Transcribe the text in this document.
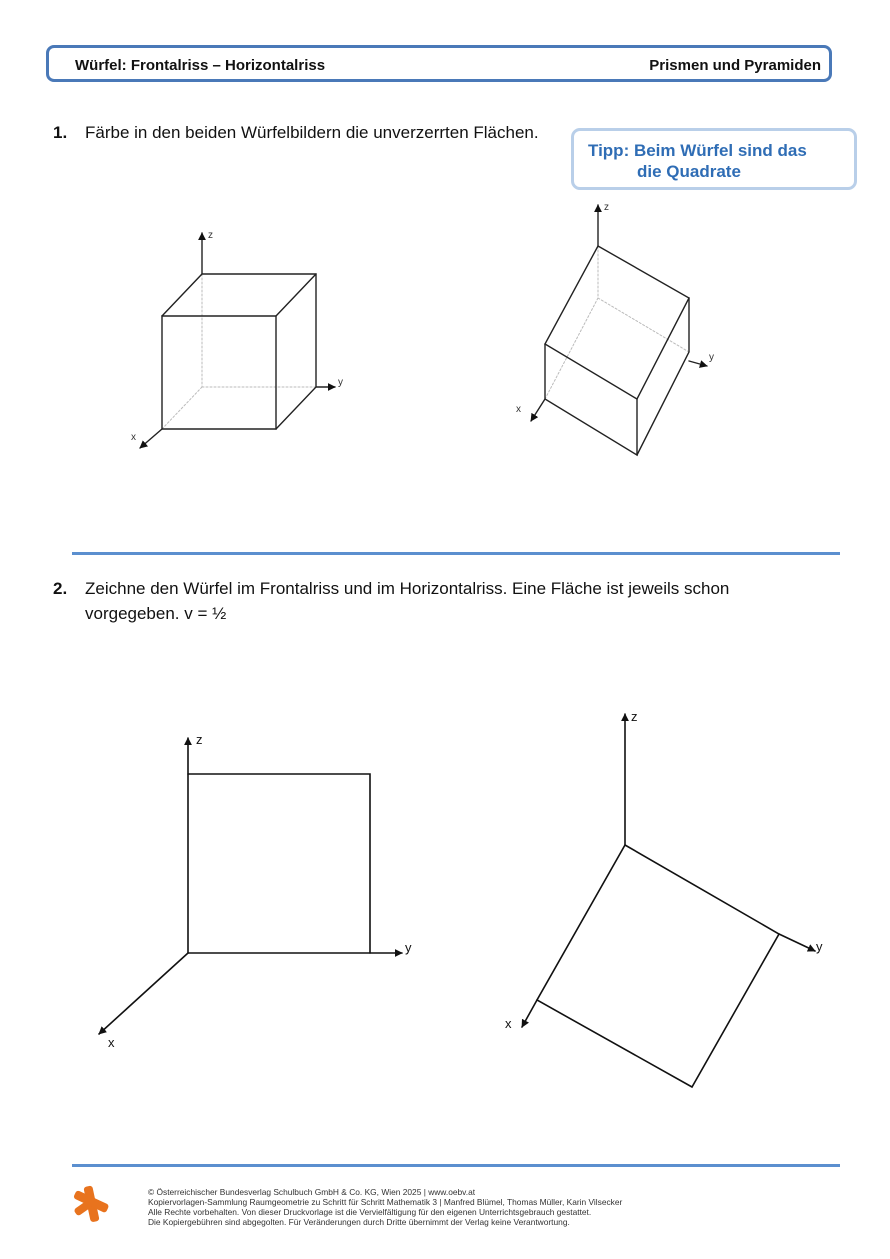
Würfel: Frontalriss – Horizontalriss	Prismen und Pyramiden
1. Färbe in den beiden Würfelbildern die unverzerrten Flächen.
Tipp: Beim Würfel sind das
die Quadrate
z
y
x
z
y
x
z
y
x
z
y
x
2. Zeichne den Würfel im Frontalriss und im Horizontalriss. Eine Fläche ist jeweils schon
vorgegeben. v = ½
© Österreichischer Bundesverlag Schulbuch GmbH & Co. KG, Wien 2025 | www.oebv.at
Kopiervorlagen-Sammlung Raumgeometrie zu Schritt für Schritt Mathematik 3 | Manfred Blümel, Thomas Müller, Karin Vilsecker
Alle Rechte vorbehalten. Von dieser Druckvorlage ist die Vervielfältigung für den eigenen Unterrichtsgebrauch gestattet.
Die Kopiergebühren sind abgegolten. Für Veränderungen durch Dritte übernimmt der Verlag keine Verantwortung.
